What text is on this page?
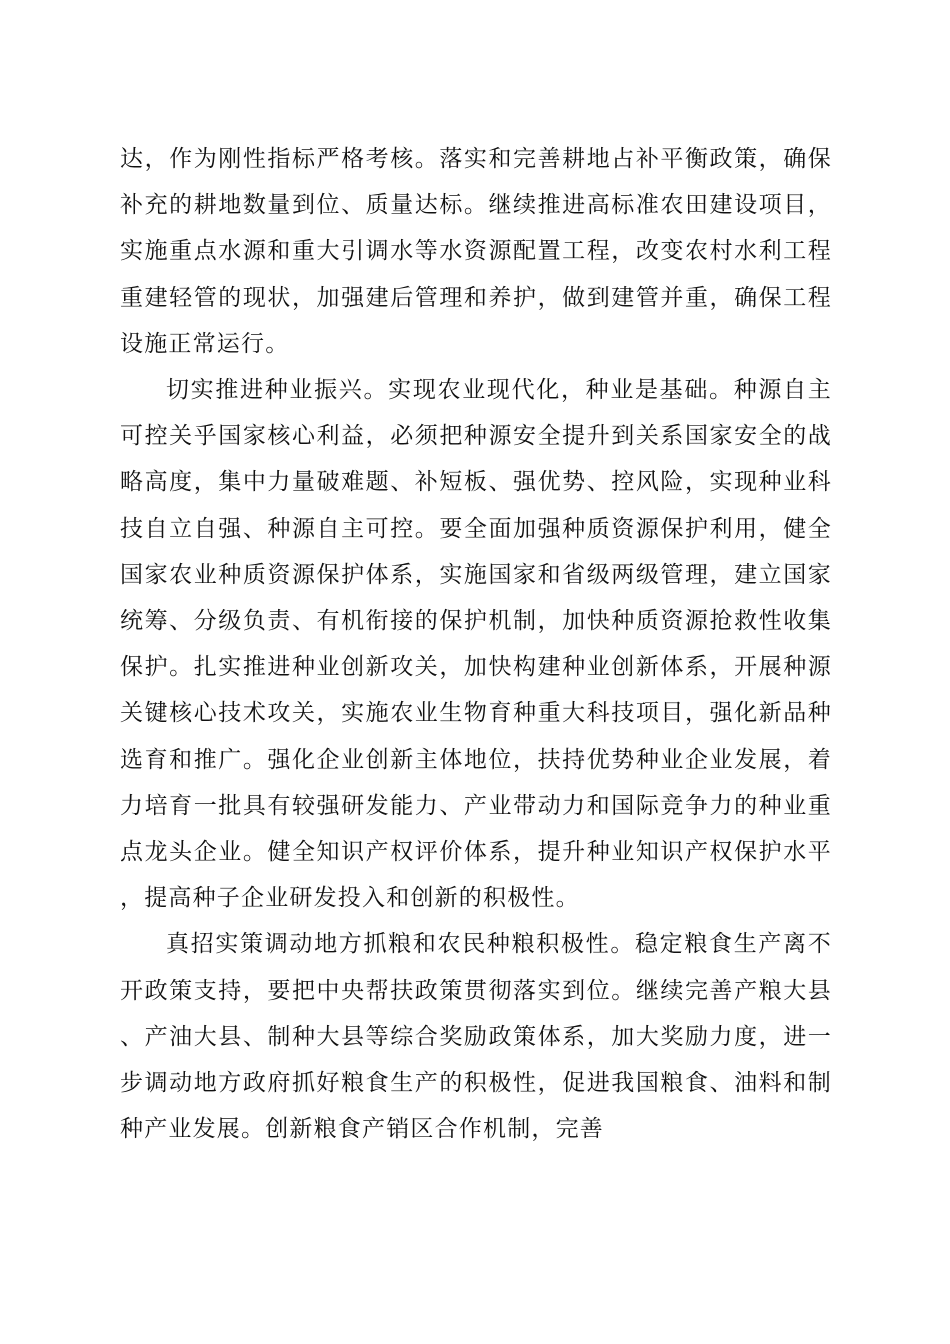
达，作为刚性指标严格考核。落实和完善耕地占补平衡政策，确保补充的耕地数量到位、质量达标。继续推进高标准农田建设项目，实施重点水源和重大引调水等水资源配置工程，改变农村水利工程重建轻管的现状，加强建后管理和养护，做到建管并重，确保工程设施正常运行。

切实推进种业振兴。实现农业现代化，种业是基础。种源自主可控关乎国家核心利益，必须把种源安全提升到关系国家安全的战略高度，集中力量破难题、补短板、强优势、控风险，实现种业科技自立自强、种源自主可控。要全面加强种质资源保护利用，健全国家农业种质资源保护体系，实施国家和省级两级管理，建立国家统筹、分级负责、有机衔接的保护机制，加快种质资源抢救性收集保护。扎实推进种业创新攻关，加快构建种业创新体系，开展种源关键核心技术攻关，实施农业生物育种重大科技项目，强化新品种选育和推广。强化企业创新主体地位，扶持优势种业企业发展，着力培育一批具有较强研发能力、产业带动力和国际竞争力的种业重点龙头企业。健全知识产权评价体系，提升种业知识产权保护水平，提高种子企业研发投入和创新的积极性。

真招实策调动地方抓粮和农民种粮积极性。稳定粮食生产离不开政策支持，要把中央帮扶政策贯彻落实到位。继续完善产粮大县、产油大县、制种大县等综合奖励政策体系，加大奖励力度，进一步调动地方政府抓好粮食生产的积极性，促进我国粮食、油料和制种产业发展。创新粮食产销区合作机制，完善
